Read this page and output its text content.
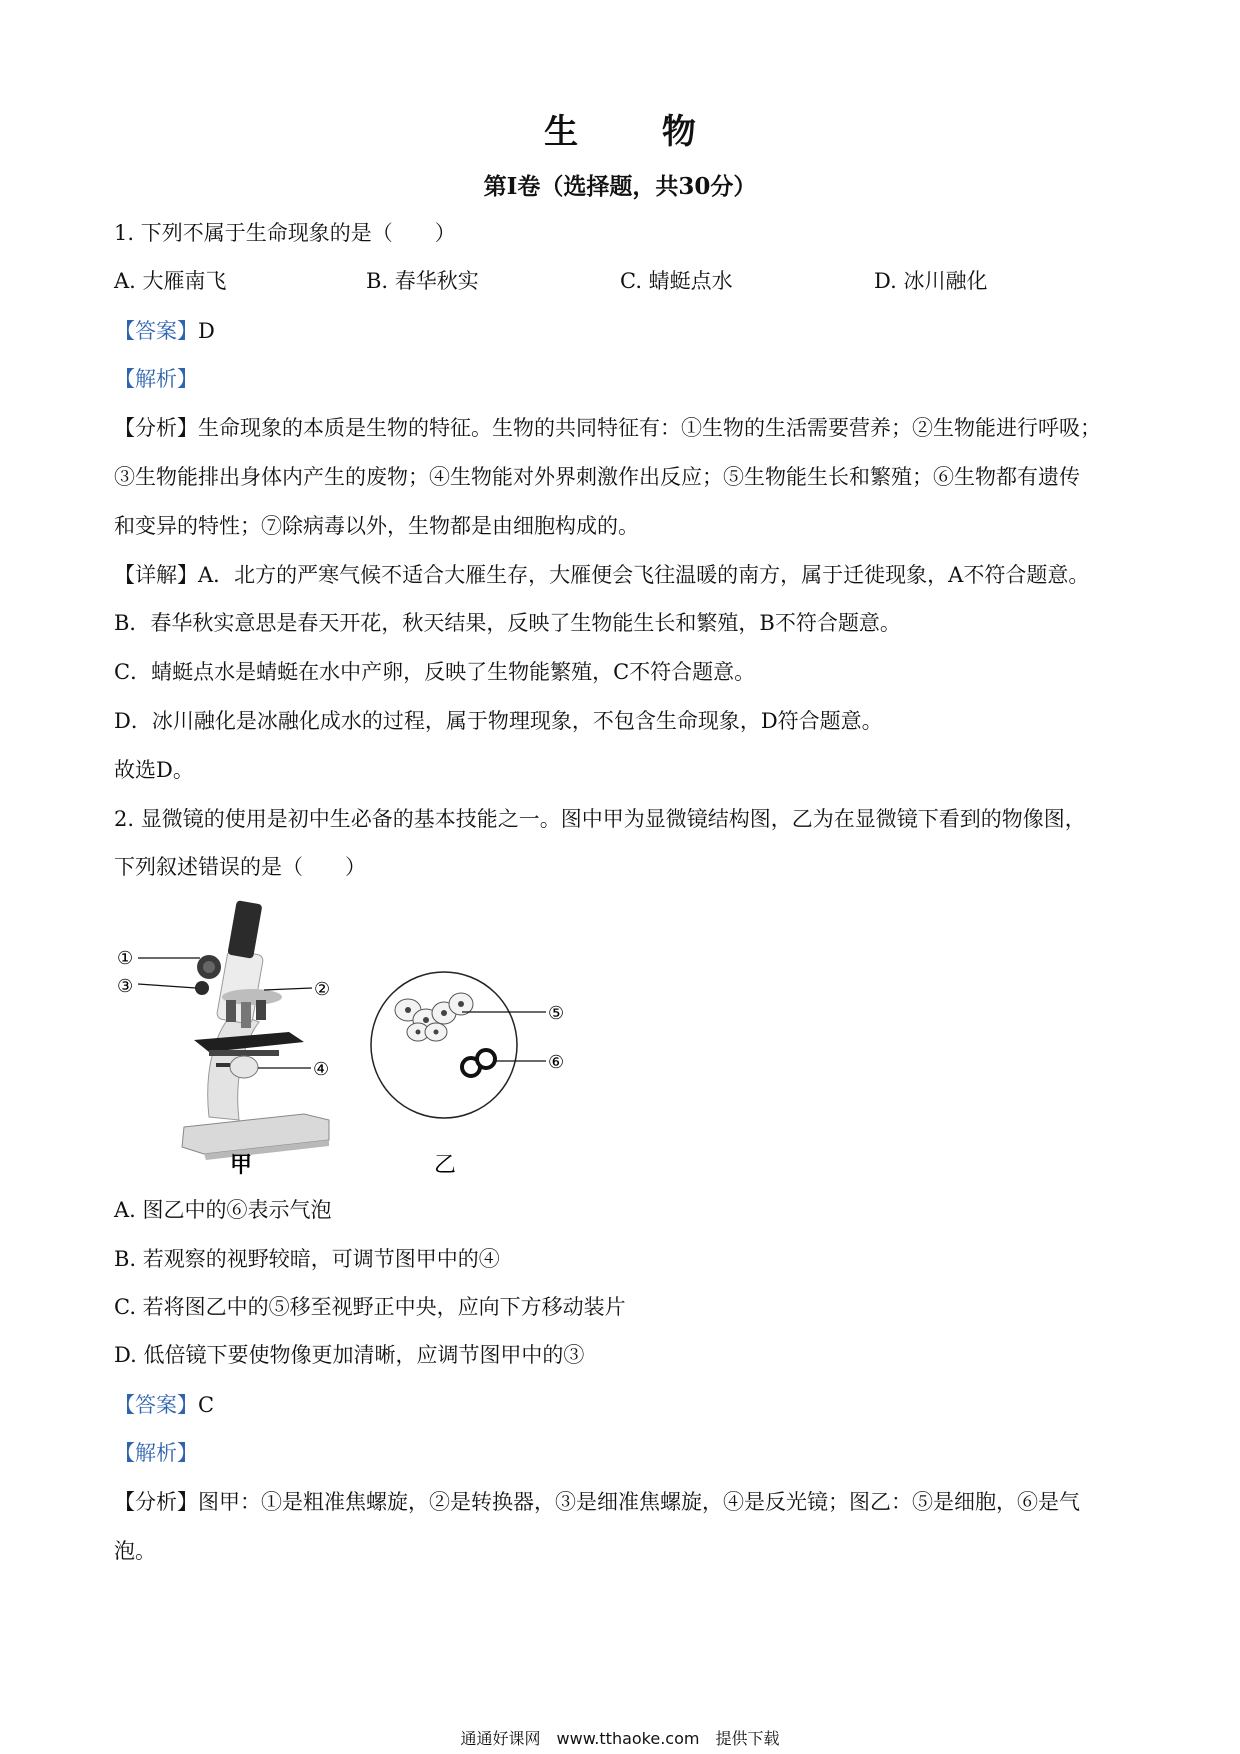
生 物
第Ⅰ卷（选择题，共30分）
1. 下列不属于生命现象的是（　　）
A. 大雁南飞	B. 春华秋实	C. 蜻蜓点水	D. 冰川融化
【答案】D
【解析】
【分析】生命现象的本质是生物的特征。生物的共同特征有：①生物的生活需要营养；②生物能进行呼吸；
③生物能排出身体内产生的废物；④生物能对外界刺激作出反应；⑤生物能生长和繁殖；⑥生物都有遗传
和变异的特性；⑦除病毒以外，生物都是由细胞构成的。
【详解】A．北方的严寒气候不适合大雁生存，大雁便会飞往温暖的南方，属于迁徙现象，A不符合题意。
B．春华秋实意思是春天开花，秋天结果，反映了生物能生长和繁殖，B不符合题意。
C．蜻蜓点水是蜻蜓在水中产卵，反映了生物能繁殖，C不符合题意。
D．冰川融化是冰融化成水的过程，属于物理现象，不包含生命现象，D符合题意。
故选D。
2. 显微镜的使用是初中生必备的基本技能之一。图中甲为显微镜结构图，乙为在显微镜下看到的物像图，
下列叙述错误的是（　　）
①
③	②
④
⑤
⑥
甲	乙
A. 图乙中的⑥表示气泡
B. 若观察的视野较暗，可调节图甲中的④
C. 若将图乙中的⑤移至视野正中央，应向下方移动装片
D. 低倍镜下要使物像更加清晰，应调节图甲中的③
【答案】C
【解析】
【分析】图甲：①是粗准焦螺旋，②是转换器，③是细准焦螺旋，④是反光镜；图乙：⑤是细胞，⑥是气
泡。
通通好课网　www.tthaoke.com　提供下载
